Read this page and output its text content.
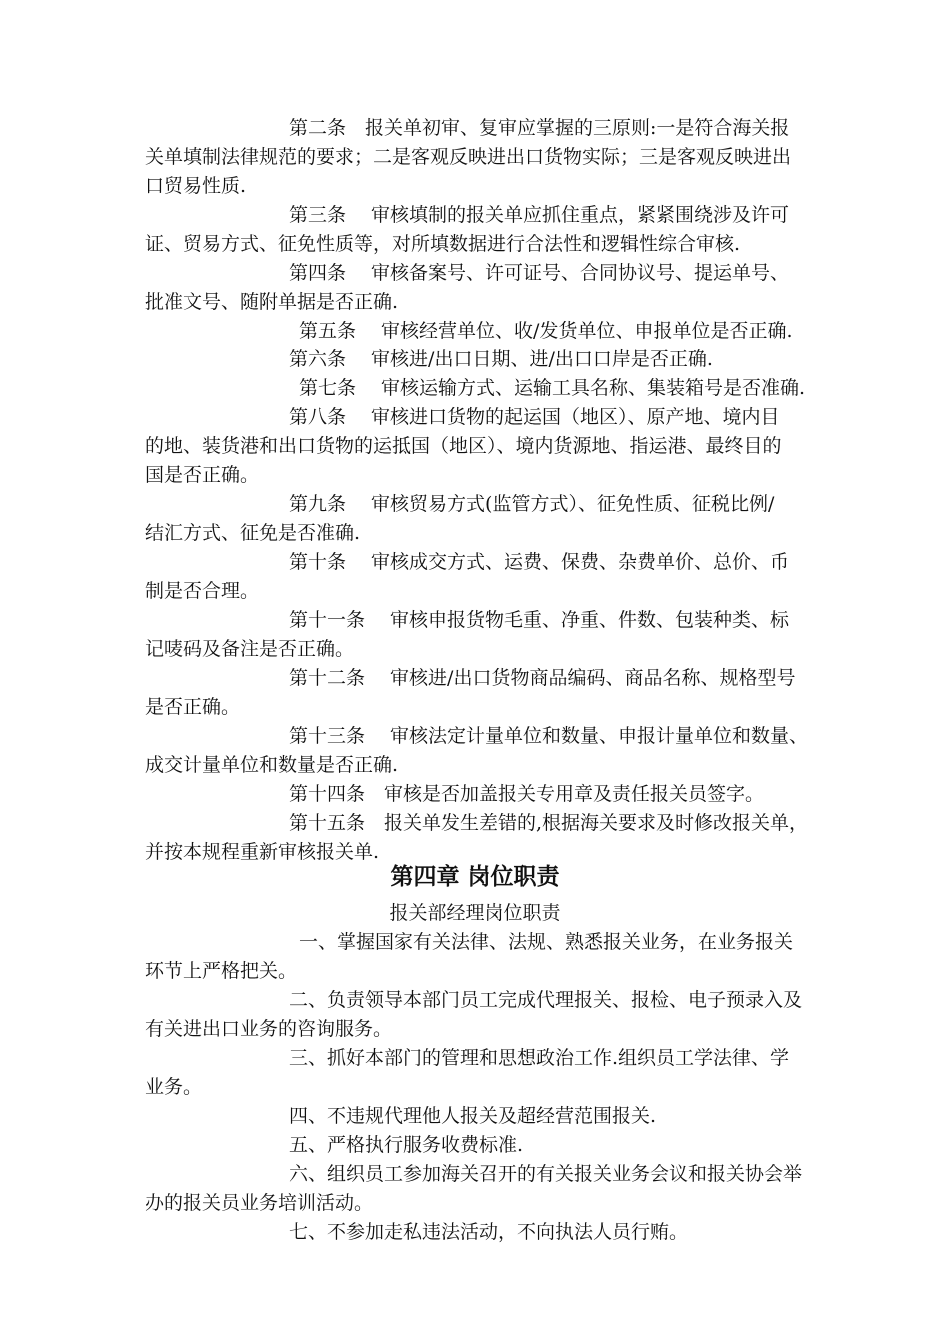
第二条　报关单初审、复审应掌握的三原则:一是符合海关报
关单填制法律规范的要求；二是客观反映进出口货物实际；三是客观反映进出
口贸易性质.
第三条　 审核填制的报关单应抓住重点，紧紧围绕涉及许可
证、贸易方式、征免性质等，对所填数据进行合法性和逻辑性综合审核.
第四条　 审核备案号、许可证号、合同协议号、提运单号、
批准文号、随附单据是否正确.
第五条　 审核经营单位、收/发货单位、申报单位是否正确.
第六条　 审核进/出口日期、进/出口口岸是否正确.
第七条　 审核运输方式、运输工具名称、集装箱号是否准确.
第八条　 审核进口货物的起运国（地区）、原产地、境内目
的地、装货港和出口货物的运抵国（地区）、境内货源地、指运港、最终目的
国是否正确。
第九条　 审核贸易方式(监管方式）、征免性质、征税比例/
结汇方式、征免是否准确.
第十条　 审核成交方式、运费、保费、杂费单价、总价、币
制是否合理。
第十一条　 审核申报货物毛重、净重、件数、包装种类、标
记唛码及备注是否正确。
第十二条　 审核进/出口货物商品编码、商品名称、规格型号
是否正确。
第十三条　 审核法定计量单位和数量、申报计量单位和数量、
成交计量单位和数量是否正确.
第十四条　审核是否加盖报关专用章及责任报关员签字。
第十五条　报关单发生差错的,根据海关要求及时修改报关单，
并按本规程重新审核报关单.
第四章 岗位职责
报关部经理岗位职责
一、掌握国家有关法律、法规、熟悉报关业务，在业务报关
环节上严格把关。
二、负责领导本部门员工完成代理报关、报检、电子预录入及
有关进出口业务的咨询服务。
三、抓好本部门的管理和思想政治工作.组织员工学法律、学
业务。
四、不违规代理他人报关及超经营范围报关.
五、严格执行服务收费标准.
六、组织员工参加海关召开的有关报关业务会议和报关协会举
办的报关员业务培训活动。
七、不参加走私违法活动，不向执法人员行贿。
